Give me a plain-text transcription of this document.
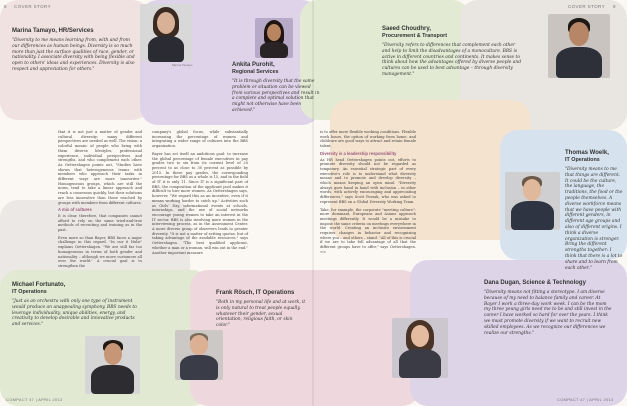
COVER STORY
8	COVER STORY 9
Marina Tamayo, HR/Services
"Diversity to me means learning from, with and from our differences as human beings. Diversity is so much more than just the surface qualities of race, gender, or nationality. I associate diversity with being flexible and open to others' ideas and experiences. Diversity is also respect and appreciation for others."
Marina Tamayo	Ankita Purohit,
Regional Services
"It is through diversity that the same problem or situation can be viewed from various perspectives and result in a complete and optimal solution that might not otherwise have been achieved."
Saeed Choudhry,
Procurement & Transport
"Diversity refers to differences that complement each other and help to limit the disadvantages of a monoculture. BBS is active in different countries and continents. It makes sense to think about how the advantages offered by diverse people and cultures can be used to best advantage – through diversity management."
Thomas Woelk,
IT Operations
"Diversity means to me that things are different. It could be the culture, the language, the traditions, the food or the people themselves. A diverse workforce means that we have people with different genders, in different age groups and also of different origins. I think a diverse organization is stronger. Bring the different strengths together: I think that there is a lot to share and to learn from each other."

that it is not just a matter of gender and cultural diversity: many different perspectives are needed as well. The vision: a colorful mosaic of people who bring with them diverse lifestyles, professional experience, individual perspectives and strengths, and who complement each other. As Oettershagen points out, "Studies have shown that heterogeneous teams with members who approach their tasks in different ways are more innovative." Homogeneous groups, which are still the norm, tend to take a linear approach and reach a consensus quickly, but their solutions are less innovative than those reached by groups with members from different cultures.

A mix of cultures

It is clear, therefore, that companies cannot afford to rely on the same tried-and-true methods of recruiting and training as in the past.

Even more so than Bayer, BBS faces a major challenge in this regard. "In our 6 Hubs" explains Oettershagen. "We are still far too homogeneous in terms of both gender and nationality – although we move customers all over the world." A crucial goal is to strengthen the

company's global focus, while substantially increasing the percentage of women and integrating a wider range of cultures into the BBS organization.

Bayer has set itself an ambitious goal: to increase the global percentage of female executives in pay grades two to six from its current level of 20 percent to as close to 30 percent as possible by 2015. In these pay grades, the corresponding percentage for BBS as a whole is 15, and in the field of IT it is only 11. Since IT is a significant part of BBS, the composition of the applicant pool makes it difficult to hire more women. As Oettershagen says, however, "We regard this as an incentive, even if it means working harder to catch up." Activities such as Girls' Day, informational events at schools, internships, and the use of social networks encourage young women to take an interest in the IT sector. BBS is also involving more women in the interviewing process, as in the Assessment Center. A more diverse group of observers leads to greater diversity. "It is not a matter of setting quotas, but of taking advantage of the available resources," says Oettershagen. "The best qualified applicant, whether a man or a woman, will win out in the end." Another important measure

is to offer more flexible working conditions. Flexible work hours, the option of working from home, and childcare are good ways to attract and retain female talent.

Diversity is a leadership responsibility

As HR head Oettershagen points out, efforts to promote diversity should not be regarded as temporary. An essential strategic part of every executive's role is to understand what diversity means and to promote and develop diversity – which means keeping an open mind. "Diversity always goes hand in hand with inclusion – in other words, with actively encouraging and appreciating differences," says Scott Porzak, who was asked to represent BBS on a Global Diversity Working Team.

Take, for example, the corporate "meeting culture": more dominant, Europeans and Asians approach meetings differently. It would be a mistake to impose the same criteria on meetings everywhere in the world. Creating an inclusive environment requires changes in behavior and recognizing where you – and others – stand. "All of this is crucial if we are to take full advantage of all that the different groups have to offer," says Oettershagen. <<

Michael Fortunato,
IT Operations
"Just as an orchestra with only one type of instrument would produce an unappealing symphony, BBS needs to leverage individuality, unique abilities, energy, and creativity to develop desirable and innovative products and services."
Frank Rösch, IT Operations
"Both in my personal life and at work, it is only natural to treat people equally, whatever their gender, sexual orientation, religious faith, or skin color."
Dana Dugan, Science & Technology
"Diversity means not fitting a stereotype. I am diverse because of my need to balance family and career. At Bayer I work a three-day work week. I can be the mom my three young girls need me to be and still invest in the career I have worked so hard for over the years. I think we must promote diversity if we want to recruit new skilled employees. As we recognize our differences we realize our strengths."
COMPACT 47 | APRIL 2013	COMPACT 47 | APRIL 2013
